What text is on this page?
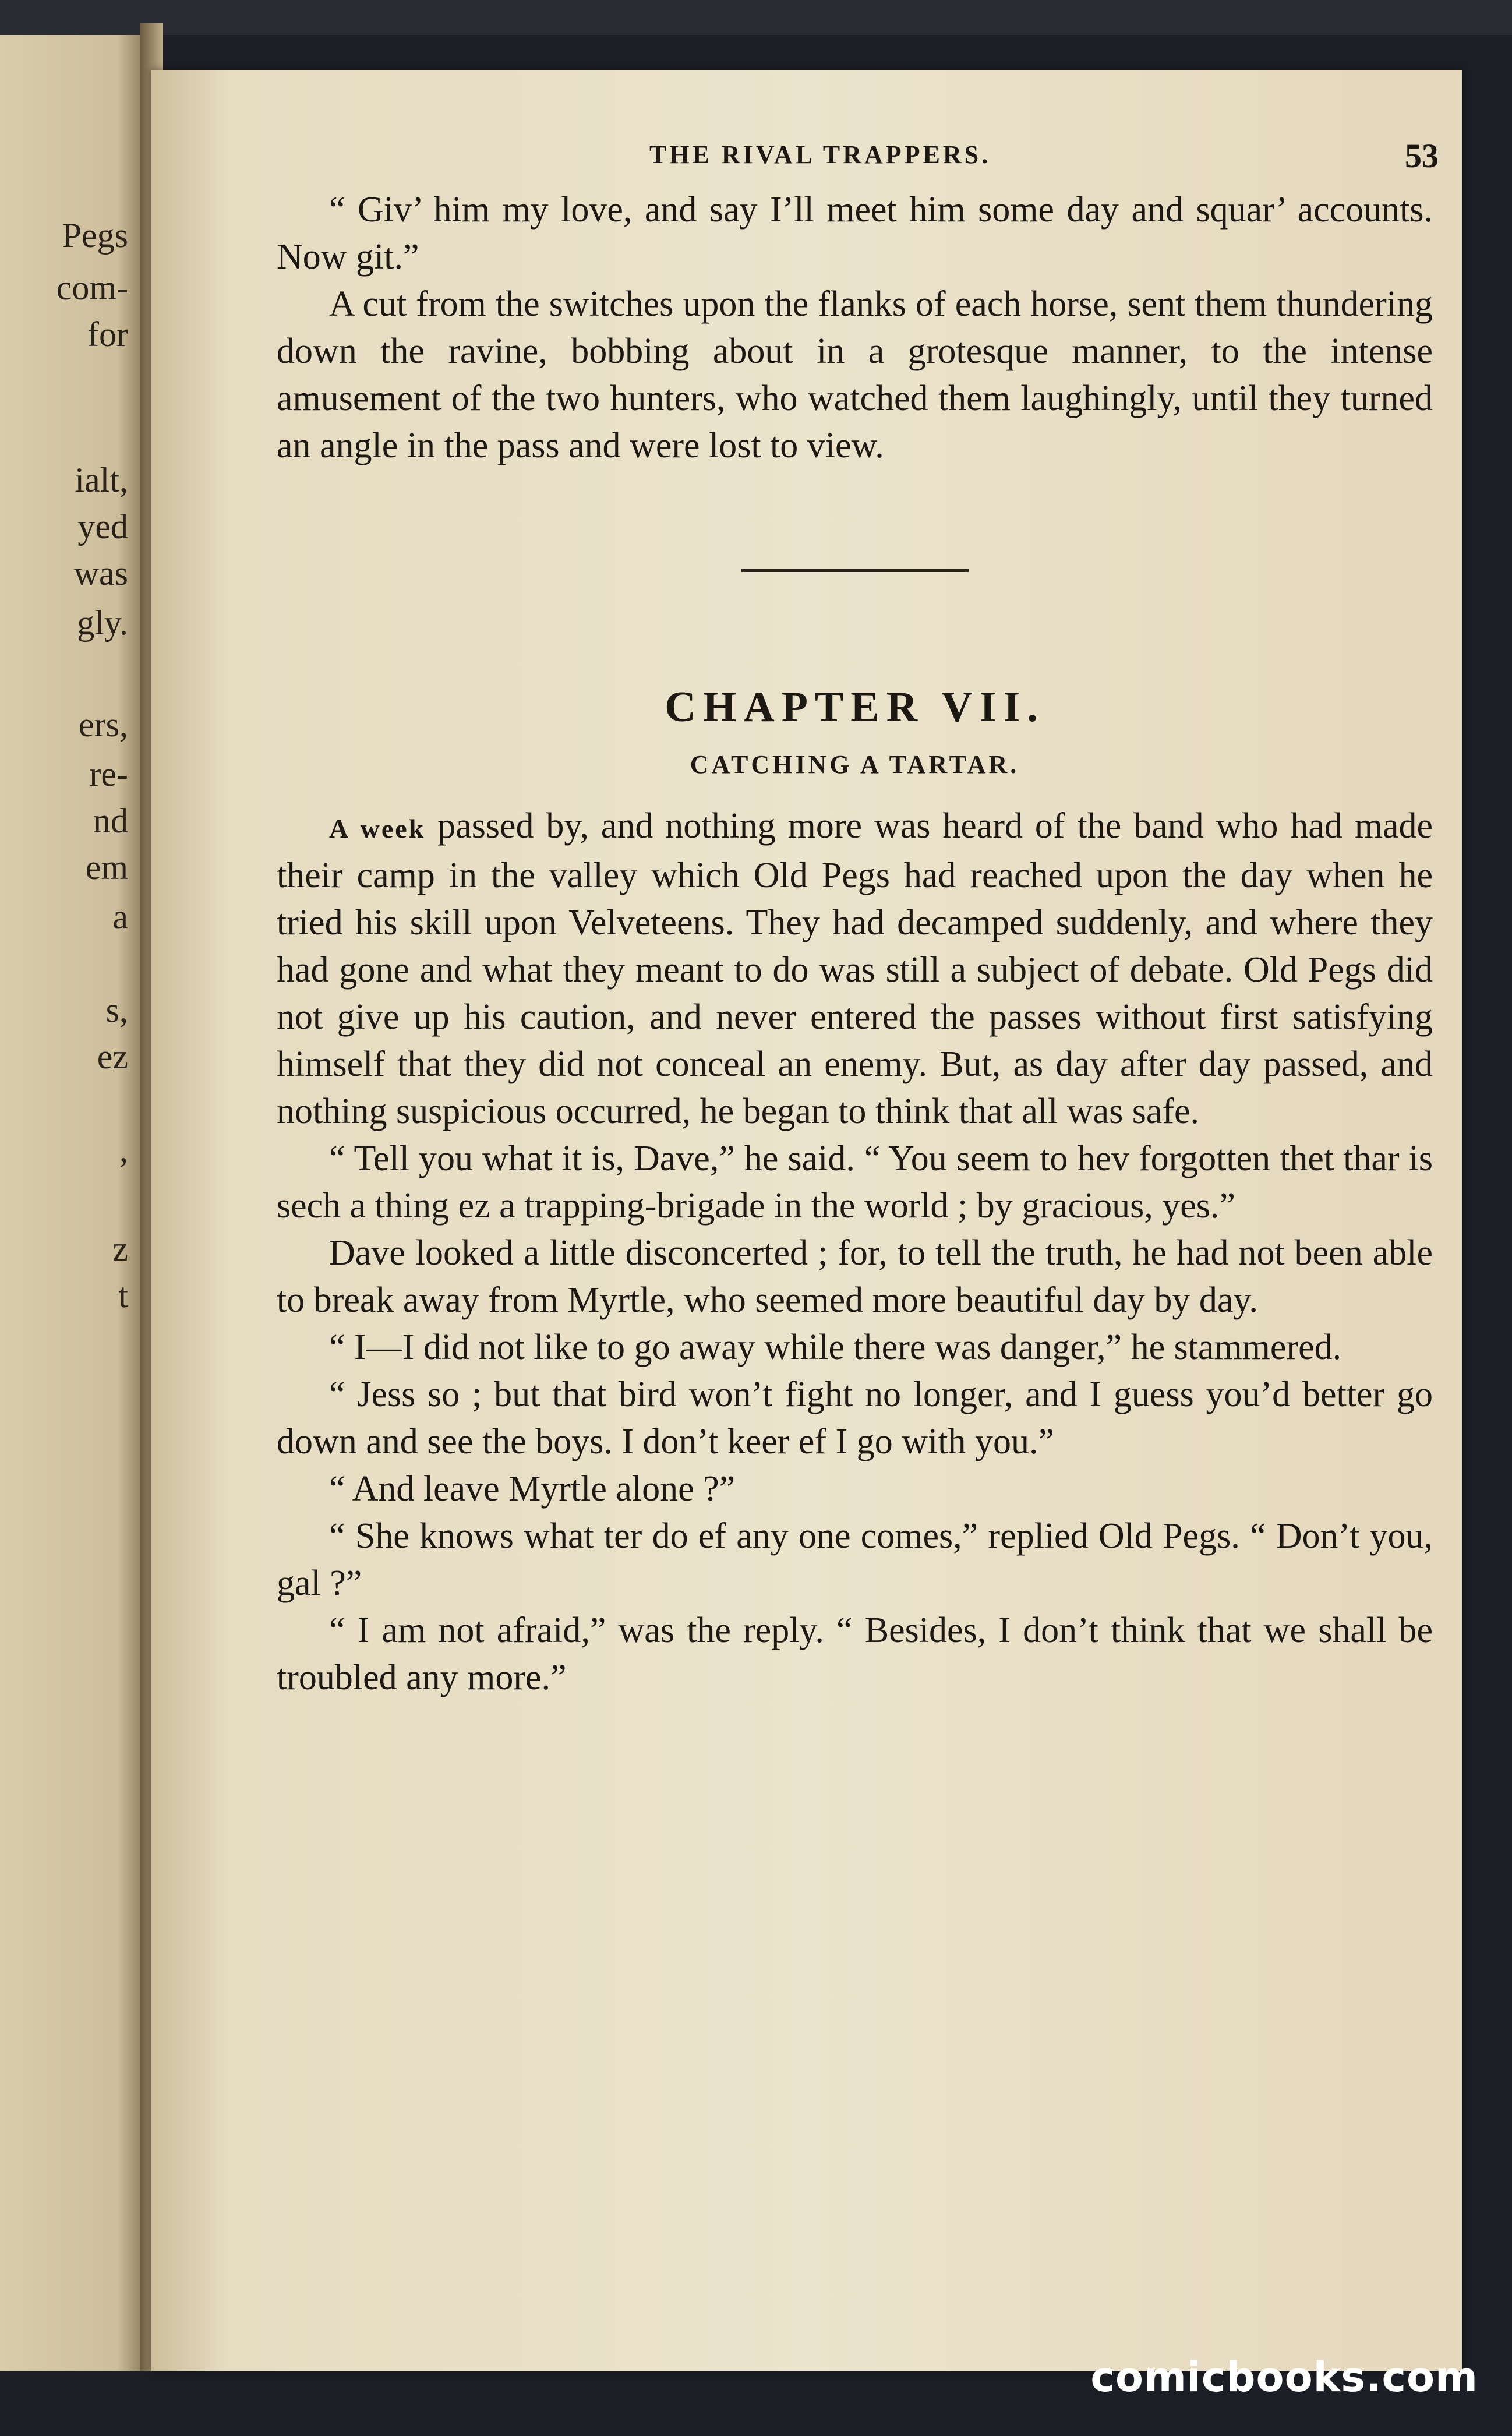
Pegs
com-
for
ialt,
yed
was
gly.
ers,
re-
nd
em
a
s,
ez
,
z
t
THE RIVAL TRAPPERS.	53

“ Giv’ him my love, and say I’ll meet him some day and squar’ accounts. Now git.”

A cut from the switches upon the flanks of each horse, sent them thundering down the ravine, bobbing about in a grotesque manner, to the intense amusement of the two hunters, who watched them laughingly, until they turned an angle in the pass and were lost to view.

CHAPTER VII.
CATCHING A TARTAR.

A week passed by, and nothing more was heard of the band who had made their camp in the valley which Old Pegs had reached upon the day when he tried his skill upon Velveteens. They had decamped suddenly, and where they had gone and what they meant to do was still a subject of debate. Old Pegs did not give up his caution, and never entered the passes without first satisfying himself that they did not conceal an enemy. But, as day after day passed, and nothing suspicious occurred, he began to think that all was safe.

“ Tell you what it is, Dave,” he said. “ You seem to hev forgotten thet thar is sech a thing ez a trapping-brigade in the world ; by gracious, yes.”

Dave looked a little disconcerted ; for, to tell the truth, he had not been able to break away from Myrtle, who seemed more beautiful day by day.

“ I—I did not like to go away while there was danger,” he stammered.

“ Jess so ; but that bird won’t fight no longer, and I guess you’d better go down and see the boys. I don’t keer ef I go with you.”

“ And leave Myrtle alone ?”

“ She knows what ter do ef any one comes,” replied Old Pegs. “ Don’t you, gal ?”

“ I am not afraid,” was the reply. “ Besides, I don’t think that we shall be troubled any more.”

comicbooks.com
